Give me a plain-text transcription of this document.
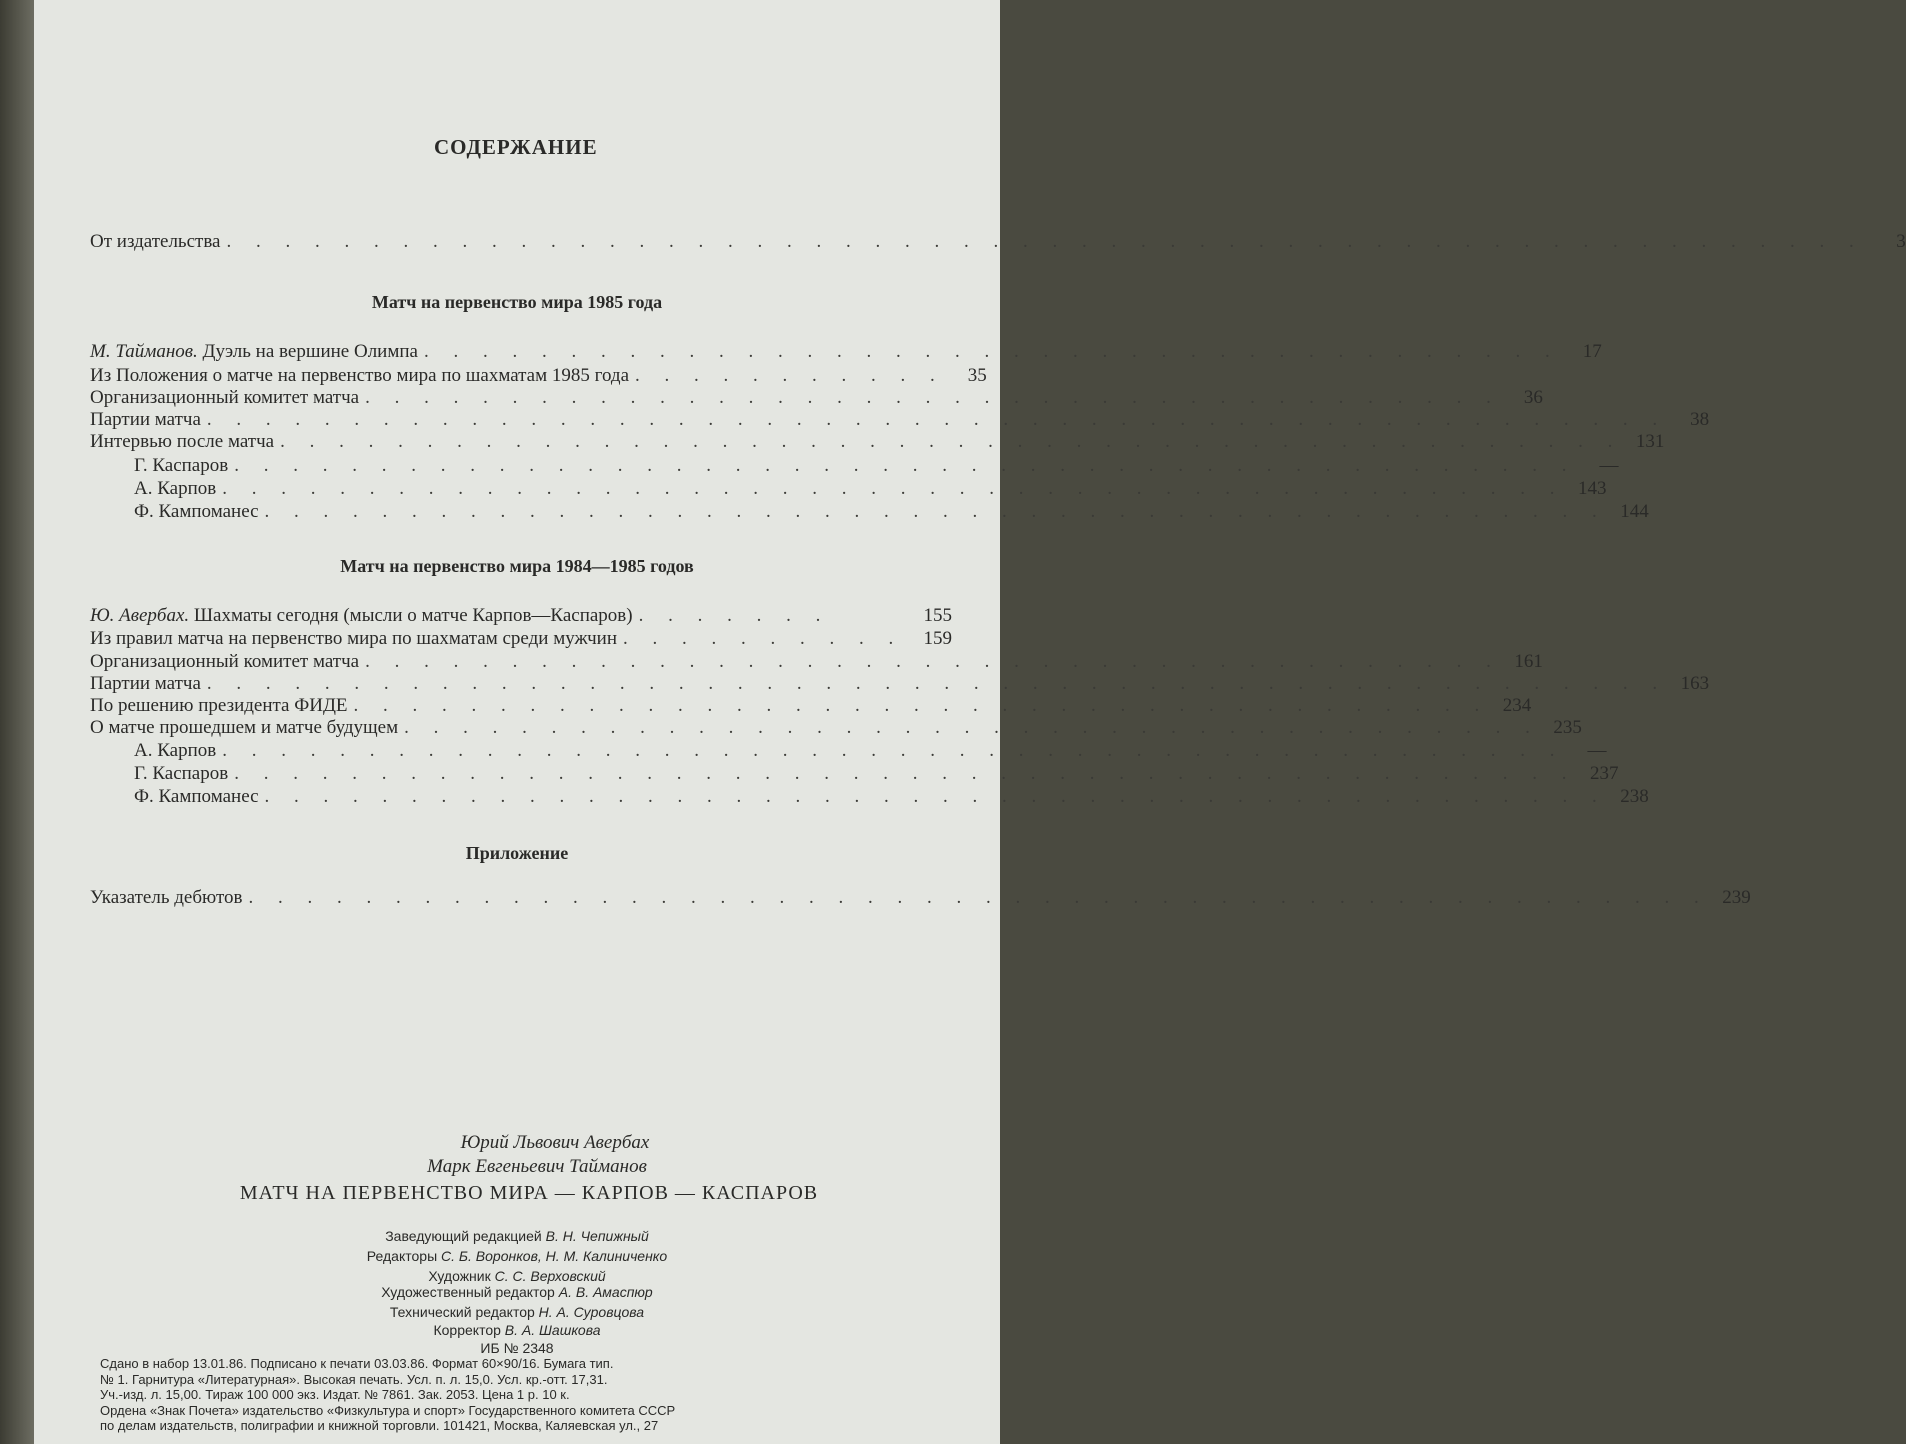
СОДЕРЖАНИЕ
От издательства . . . . . . . . . . . . . . . . . . . . . . . . . . . . . . . . . . . . . . . . . . . . . . . . . . . . . . . .	3
Матч на первенство мира 1985 года
М. Тайманов. Дуэль на вершине Олимпа . . . . . . . . . . . . . . . . . . . . . . . . . . . . . . . . . . . . . . .	17
Из Положения о матче на первенство мира по шахматам 1985 года . . . . . . . . . . .	35
Организационный комитет матча . . . . . . . . . . . . . . . . . . . . . . . . . . . . . . . . . . . . . . .	36
Партии матча . . . . . . . . . . . . . . . . . . . . . . . . . . . . . . . . . . . . . . . . . . . . . . . . . .	38
Интервью после матча . . . . . . . . . . . . . . . . . . . . . . . . . . . . . . . . . . . . . . . . . . . . . . 131
Г. Каспаров . . . . . . . . . . . . . . . . . . . . . . . . . . . . . . . . . . . . . . . . . . . . . .	—
А. Карпов . . . . . . . . . . . . . . . . . . . . . . . . . . . . . . . . . . . . . . . . . . . . . . 143
Ф. Кампоманес . . . . . . . . . . . . . . . . . . . . . . . . . . . . . . . . . . . . . . . . . . . . . . 144
Матч на первенство мира 1984—1985 годов
Ю. Авербах. Шахматы сегодня (мысли о матче Карпов—Каспаров) . . . . . . .	155
Из правил матча на первенство мира по шахматам среди мужчин . . . . . . . . . .	159
Организационный комитет матча . . . . . . . . . . . . . . . . . . . . . . . . . . . . . . . . . . . . . . . 161
Партии матча . . . . . . . . . . . . . . . . . . . . . . . . . . . . . . . . . . . . . . . . . . . . . . . . . . 163
По решению президента ФИДЕ . . . . . . . . . . . . . . . . . . . . . . . . . . . . . . . . . . . . . . . 234
О матче прошедшем и матче будущем . . . . . . . . . . . . . . . . . . . . . . . . . . . . . . . . . . . . . . . 235
А. Карпов . . . . . . . . . . . . . . . . . . . . . . . . . . . . . . . . . . . . . . . . . . . . . .	—
Г. Каспаров . . . . . . . . . . . . . . . . . . . . . . . . . . . . . . . . . . . . . . . . . . . . . . 237
Ф. Кампоманес . . . . . . . . . . . . . . . . . . . . . . . . . . . . . . . . . . . . . . . . . . . . . . 238
Приложение
Указатель дебютов . . . . . . . . . . . . . . . . . . . . . . . . . . . . . . . . . . . . . . . . . . . . . . . . . . 239
Юрий Львович Авербах
Марк Евгеньевич Тайманов
МАТЧ НА ПЕРВЕНСТВО МИРА — КАРПОВ — КАСПАРОВ
Заведующий редакцией В. Н. Чепижный
Редакторы С. Б. Воронков, Н. М. Калиниченко
Художник С. С. Верховский
Художественный редактор А. В. Амаспюр
Технический редактор Н. А. Суровцова
Корректор В. А. Шашкова
ИБ № 2348
Сдано в набор 13.01.86. Подписано к печати 03.03.86. Формат 60×90/16. Бумага тип.
№ 1. Гарнитура «Литературная». Высокая печать. Усл. п. л. 15,0. Усл. кр.-отт. 17,31.
Уч.-изд. л. 15,00. Тираж 100 000 экз. Издат. № 7861. Зак. 2053. Цена 1 р. 10 к.
Ордена «Знак Почета» издательство «Физкультура и спорт» Государственного комитета СССР
по делам издательств, полиграфии и книжной торговли. 101421, Москва, Каляевская ул., 27
